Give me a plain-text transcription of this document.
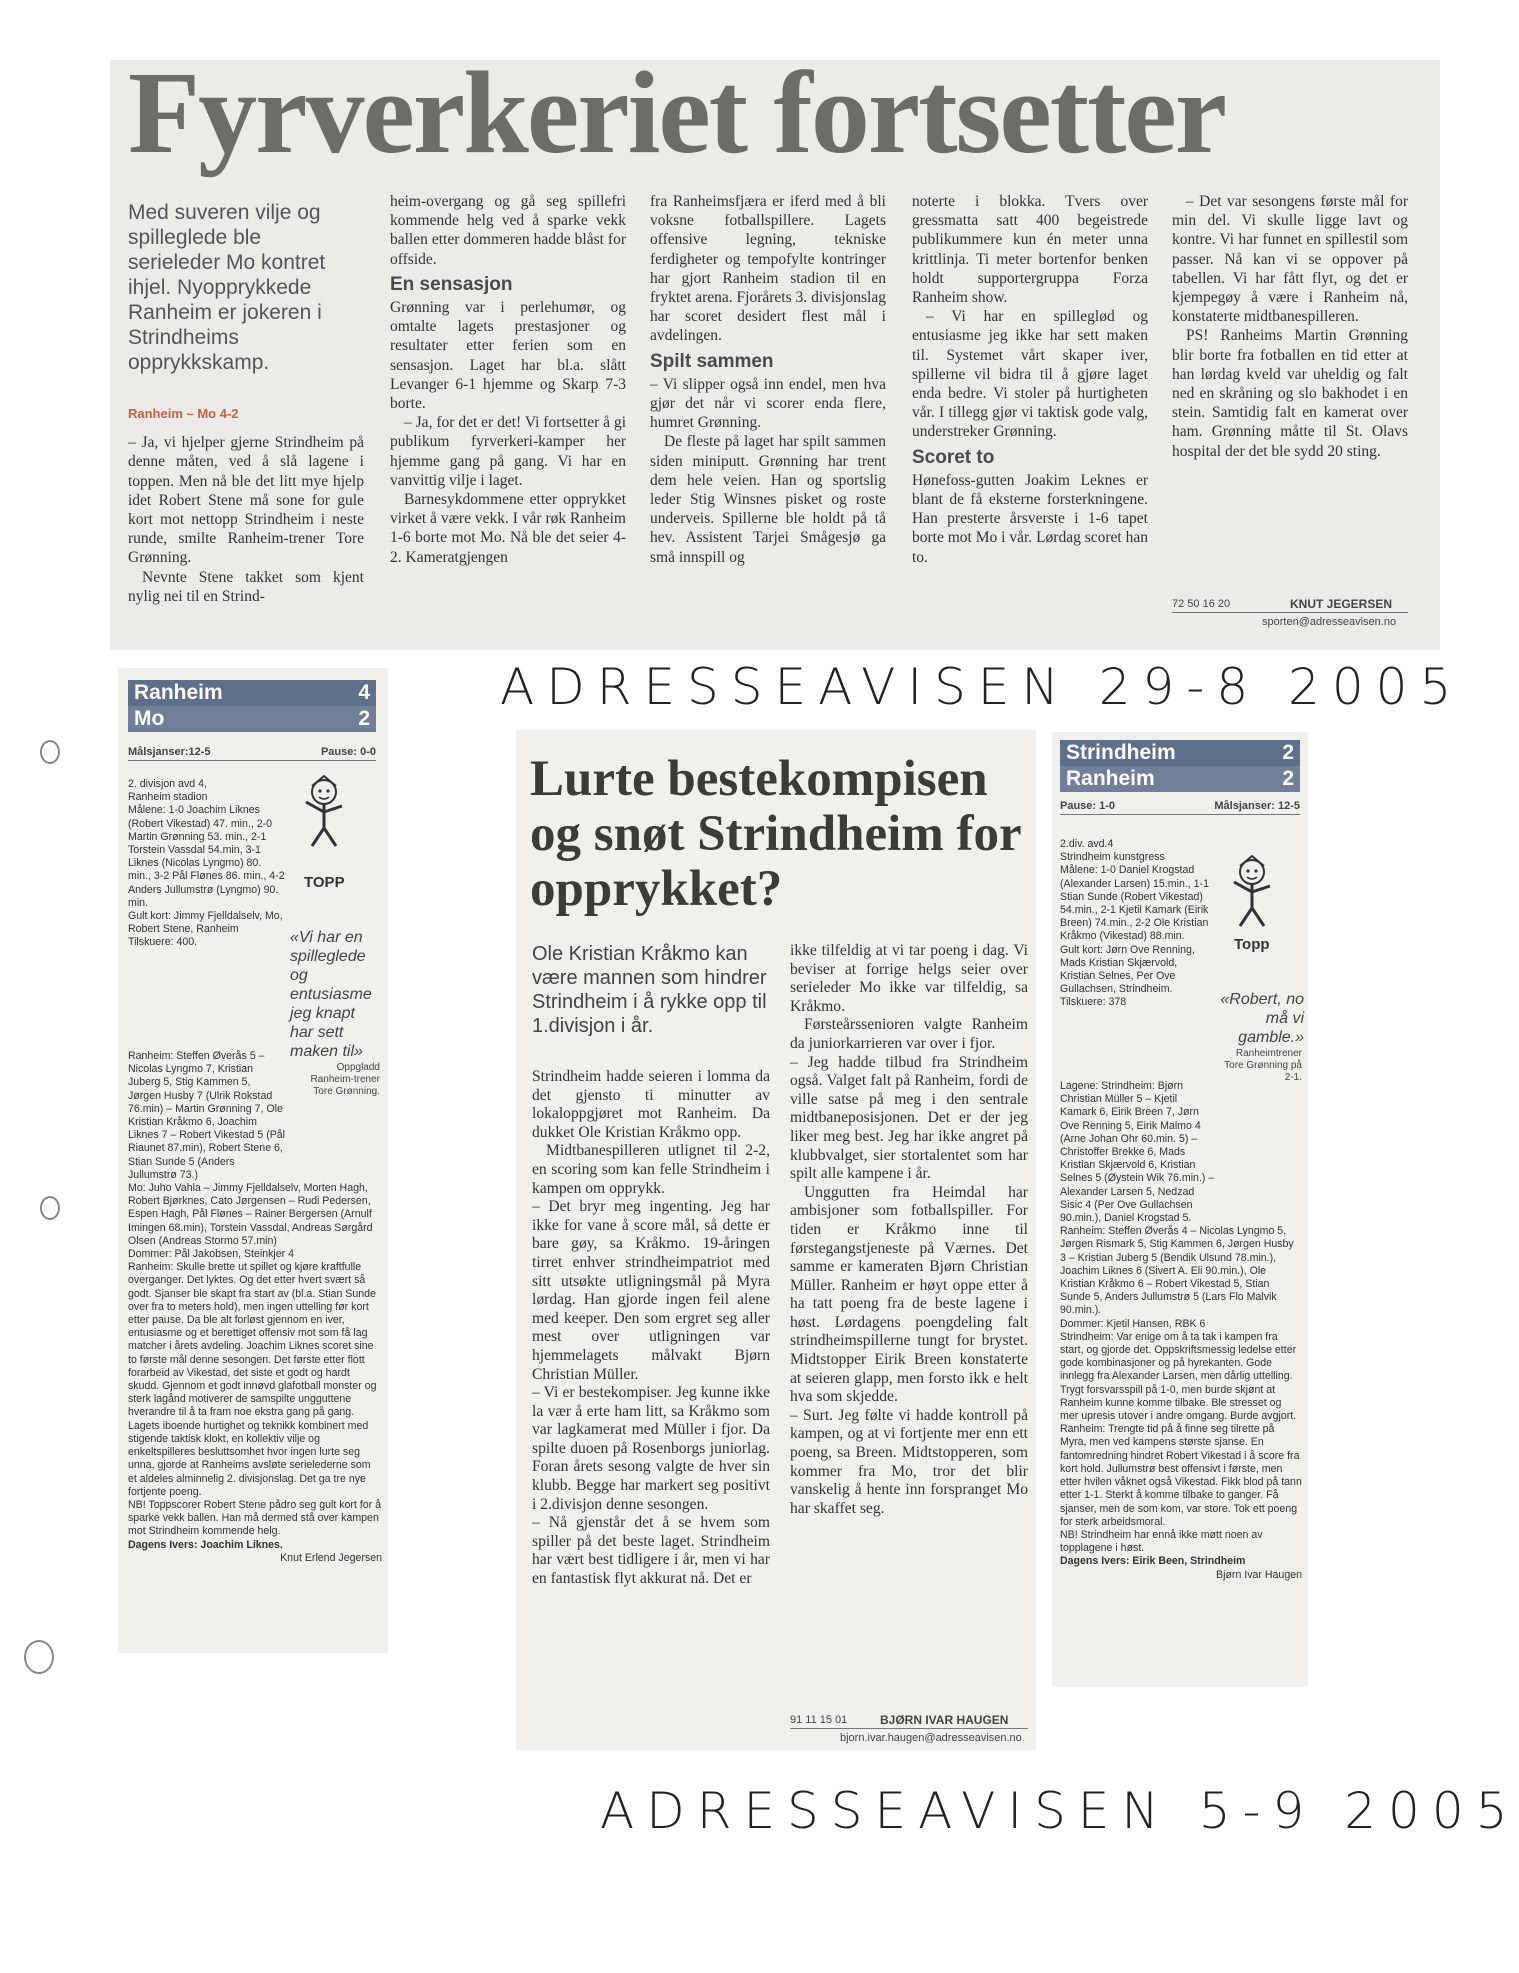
Fyrverkeriet fortsetter
Med suveren vilje og spilleglede ble serieleder Mo kontret ihjel. Nyopprykkede Ranheim er jokeren i Strindheims opprykkskamp.
Ranheim – Mo 4-2

– Ja, vi hjelper gjerne Strindheim på denne måten, ved å slå lagene i toppen. Men nå ble det litt mye hjelp idet Robert Stene må sone for gule kort mot nettopp Strindheim i neste runde, smilte Ranheim-trener Tore Grønning.

Nevnte Stene takket som kjent nylig nei til en Strind-

heim-overgang og gå seg spillefri kommende helg ved å sparke vekk ballen etter dommeren hadde blåst for offside.

En sensasjon

Grønning var i perlehumør, og omtalte lagets prestasjoner og resultater etter ferien som en sensasjon. Laget har bl.a. slått Levanger 6-1 hjemme og Skarp 7-3 borte.

– Ja, for det er det! Vi fortsetter å gi publikum fyrverkeri-kamper her hjemme gang på gang. Vi har en vanvittig vilje i laget.

Barnesykdommene etter opprykket virket å være vekk. I vår røk Ranheim 1-6 borte mot Mo. Nå ble det seier 4-2. Kameratgjengen

fra Ranheimsfjæra er iferd med å bli voksne fotballspillere. Lagets offensive legning, tekniske ferdigheter og tempofylte kontringer har gjort Ranheim stadion til en fryktet arena. Fjorårets 3. divisjonslag har scoret desidert flest mål i avdelingen.

Spilt sammen

– Vi slipper også inn endel, men hva gjør det når vi scorer enda flere, humret Grønning.

De fleste på laget har spilt sammen siden miniputt. Grønning har trent dem hele veien. Han og sportslig leder Stig Winsnes pisket og roste underveis. Spillerne ble holdt på tå hev. Assistent Tarjei Smågesjø ga små innspill og

noterte i blokka. Tvers over gressmatta satt 400 begeistrede publikummere kun én meter unna krittlinja. Ti meter bortenfor benken holdt supportergruppa Forza Ranheim show.

– Vi har en spilleglød og entusiasme jeg ikke har sett maken til. Systemet vårt skaper iver, spillerne vil bidra til å gjøre laget enda bedre. Vi stoler på hurtigheten vår. I tillegg gjør vi taktisk gode valg, understreker Grønning.

Scoret to

Hønefoss-gutten Joakim Leknes er blant de få eksterne forsterkningene. Han presterte årsverste i 1-6 tapet borte mot Mo i vår. Lørdag scoret han to.

– Det var sesongens første mål for min del. Vi skulle ligge lavt og kontre. Vi har funnet en spillestil som passer. Nå kan vi se oppover på tabellen. Vi har fått flyt, og det er kjempegøy å være i Ranheim nå, konstaterte midtbanespilleren.

PS! Ranheims Martin Grønning blir borte fra fotballen en tid etter at han lørdag kveld var uheldig og falt ned en skråning og slo bakhodet i en stein. Samtidig falt en kamerat over ham. Grønning måtte til St. Olavs hospital der det ble sydd 20 sting.

72 50 16 20	KNUT JEGERSEN
sporten@adresseavisen.no
ADRESSEAVISEN 29-8 2005
Ranheim	4
Mo	2
Målsjanser:12-5	Pause: 0-0
TOPP
«Vi har en spilleglede og entusiasme jeg knapt har sett maken til»
Oppgladd Ranheim-trener Tore Grønning.

2. divisjon avd 4,

Ranheim stadion

Målene: 1-0 Joachim Liknes (Robert Vikestad) 47. min., 2-0 Martin Grønning 53. min., 2-1 Torstein Vassdal 54.min, 3-1 Liknes (Nicolas Lyngmo) 80. min., 3-2 Pål Flønes 86. min., 4-2 Anders Jullumstrø (Lyngmo) 90. min.

Gult kort: Jimmy Fjelldalselv, Mo, Robert Stene, Ranheim

Tilskuere: 400.

Ranheim: Steffen Øverås 5 – Nicolas Lyngmo 7, Kristian Juberg 5, Stig Kammen 5, Jørgen Husby 7 (Ulrik Rokstad 76.min) – Martin Grønning 7, Ole Kristian Kråkmo 6, Joachim Liknes 7 – Robert Vikestad 5 (Pål Riaunet 87.min), Robert Stene 6, Stian Sunde 5 (Anders Jullumstrø 73.)

Mo: Juho Vahla – Jimmy Fjelldalselv, Morten Hagh, Robert Bjørknes, Cato Jørgensen – Rudi Pedersen, Espen Hagh, Pål Flønes – Rainer Bergersen (Arnulf Imingen 68.min), Torstein Vassdal, Andreas Sørgård Olsen (Andreas Stormo 57.min)

Dommer: Pål Jakobsen, Steinkjer 4

Ranheim: Skulle brette ut spillet og kjøre kraftfulle overganger. Det lyktes. Og det etter hvert svært så godt. Sjanser ble skapt fra start av (bl.a. Stian Sunde over fra to meters hold), men ingen uttelling før kort etter pause. Da ble alt forløst gjennom en iver, entusiasme og et berettiget offensiv mot som få lag matcher i årets avdeling. Joachim Liknes scoret sine to første mål denne sesongen. Det første etter flott forarbeid av Vikestad, det siste et godt og hardt skudd. Gjennom et godt innøvd glafotball monster og sterk lagånd motiverer de samspilte ungguttene hverandre til å ta fram noe ekstra gang på gang. Lagets iboende hurtighet og teknikk kombinert med stigende taktisk klokt, en kollektiv vilje og enkeltspilleres besluttsomhet hvor ingen lurte seg unna, gjorde at Ranheims avsløte serielederne som et aldeles alminnelig 2. divisjonslag. Det ga tre nye fortjente poeng.

NB! Toppscorer Robert Stene pådro seg gult kort for å sparke vekk ballen. Han må dermed stå over kampen mot Strindheim kommende helg.

Dagens Ivers: Joachim Liknes.

Knut Erlend Jegersen

Lurte bestekompisen og snøt Strindheim for opprykket?
Ole Kristian Kråkmo kan være mannen som hindrer Strindheim i å rykke opp til 1.divisjon i år.

Strindheim hadde seieren i lomma da det gjensto ti minutter av lokaloppgjøret mot Ranheim. Da dukket Ole Kristian Kråkmo opp.

Midtbanespilleren utlignet til 2-2, en scoring som kan felle Strindheim i kampen om opprykk.

– Det bryr meg ingenting. Jeg har ikke for vane å score mål, så dette er bare gøy, sa Kråkmo. 19-åringen tirret enhver strindheimpatriot med sitt utsøkte utligningsmål på Myra lørdag. Han gjorde ingen feil alene med keeper. Den som ergret seg aller mest over utligningen var hjemmelagets målvakt Bjørn Christian Müller.

– Vi er bestekompiser. Jeg kunne ikke la vær å erte ham litt, sa Kråkmo som var lagkamerat med Müller i fjor. Da spilte duoen på Rosenborgs juniorlag. Foran årets sesong valgte de hver sin klubb. Begge har markert seg positivt i 2.divisjon denne sesongen.

– Nå gjenstår det å se hvem som spiller på det beste laget. Strindheim har vært best tidligere i år, men vi har en fantastisk flyt akkurat nå. Det er

ikke tilfeldig at vi tar poeng i dag. Vi beviser at forrige helgs seier over serieleder Mo ikke var tilfeldig, sa Kråkmo.

Førsteårssenioren valgte Ranheim da juniorkarrieren var over i fjor.

– Jeg hadde tilbud fra Strindheim også. Valget falt på Ranheim, fordi de ville satse på meg i den sentrale midtbaneposisjonen. Det er der jeg liker meg best. Jeg har ikke angret på klubbvalget, sier stortalentet som har spilt alle kampene i år.

Unggutten fra Heimdal har ambisjoner som fotballspiller. For tiden er Kråkmo inne til førstegangstjeneste på Værnes. Det samme er kameraten Bjørn Christian Müller. Ranheim er høyt oppe etter å ha tatt poeng fra de beste lagene i høst. Lørdagens poengdeling falt strindheimspillerne tungt for brystet. Midtstopper Eirik Breen konstaterte at seieren glapp, men forsto ikk e helt hva som skjedde.

– Surt. Jeg følte vi hadde kontroll på kampen, og at vi fortjente mer enn ett poeng, sa Breen. Midtstopperen, som kommer fra Mo, tror det blir vanskelig å hente inn forspranget Mo har skaffet seg.

91 11 15 01	BJØRN IVAR HAUGEN
bjorn.ivar.haugen@adresseavisen.no
Strindheim	2
Ranheim	2
Pause: 1-0	Målsjanser: 12-5
Topp
«Robert, no må vi gamble.»
Ranheimtrener Tore Grønning på 2-1.

2.div. avd.4

Strindheim kunstgress

Målene: 1-0 Daniel Krogstad (Alexander Larsen) 15.min., 1-1 Stian Sunde (Robert Vikestad) 54.min., 2-1 Kjetil Kamark (Eirik Breen) 74.min., 2-2 Ole Kristian Kråkmo (Vikestad) 88.min.

Gult kort: Jørn Ove Renning, Mads Kristian Skjærvold, Kristian Selnes, Per Ove Gullachsen, Strindheim.

Tilskuere: 378

Lagene: Strindheim: Bjørn Christian Müller 5 – Kjetil Kamark 6, Eirik Breen 7, Jørn Ove Renning 5, Eirik Malmo 4 (Arne Johan Ohr 60.min. 5) – Christoffer Brekke 6, Mads Kristian Skjærvold 6, Kristian Selnes 5 (Øystein Wik 76.min.) – Alexander Larsen 5, Nedzad Sisic 4 (Per Ove Gullachsen 90.min.), Daniel Krogstad 5.

Ranheim: Steffen Øverås 4 – Nicolas Lyngmo 5, Jørgen Rismark 5, Stig Kammen 6, Jørgen Husby 3 – Kristian Juberg 5 (Bendik Ulsund 78.min.), Joachim Liknes 6 (Sivert A. Eli 90.min.), Ole Kristian Kråkmo 6 – Robert Vikestad 5, Stian Sunde 5, Anders Jullumstrø 5 (Lars Flo Malvik 90.min.).

Dommer: Kjetil Hansen, RBK 6

Strindheim: Var enige om å ta tak i kampen fra start, og gjorde det. Oppskriftsmessig ledelse etter gode kombinasjoner og på hyrekanten. Gode innlegg fra Alexander Larsen, men dårlig uttelling. Trygt forsvarsspill på 1-0, men burde skjønt at Ranheim kunne komme tilbake. Ble stresset og mer upresis utover i andre omgang. Burde avgjort.

Ranheim: Trengte tid på å finne seg tilrette på Myra, men ved kampens største sjanse. En fantomredning hindret Robert Vikestad i å score fra kort hold. Jullumstrø best offensivt i første, men etter hvilen våknet også Vikestad. Fikk blod på tann etter 1-1. Sterkt å komme tilbake to ganger. Få sjanser, men de som kom, var store. Tok ett poeng for sterk arbeidsmoral.

NB! Strindheim har ennå ikke møtt noen av topplagene i høst.

Dagens Ivers: Eirik Been, Strindheim

Bjørn Ivar Haugen

ADRESSEAVISEN 5-9 2005
